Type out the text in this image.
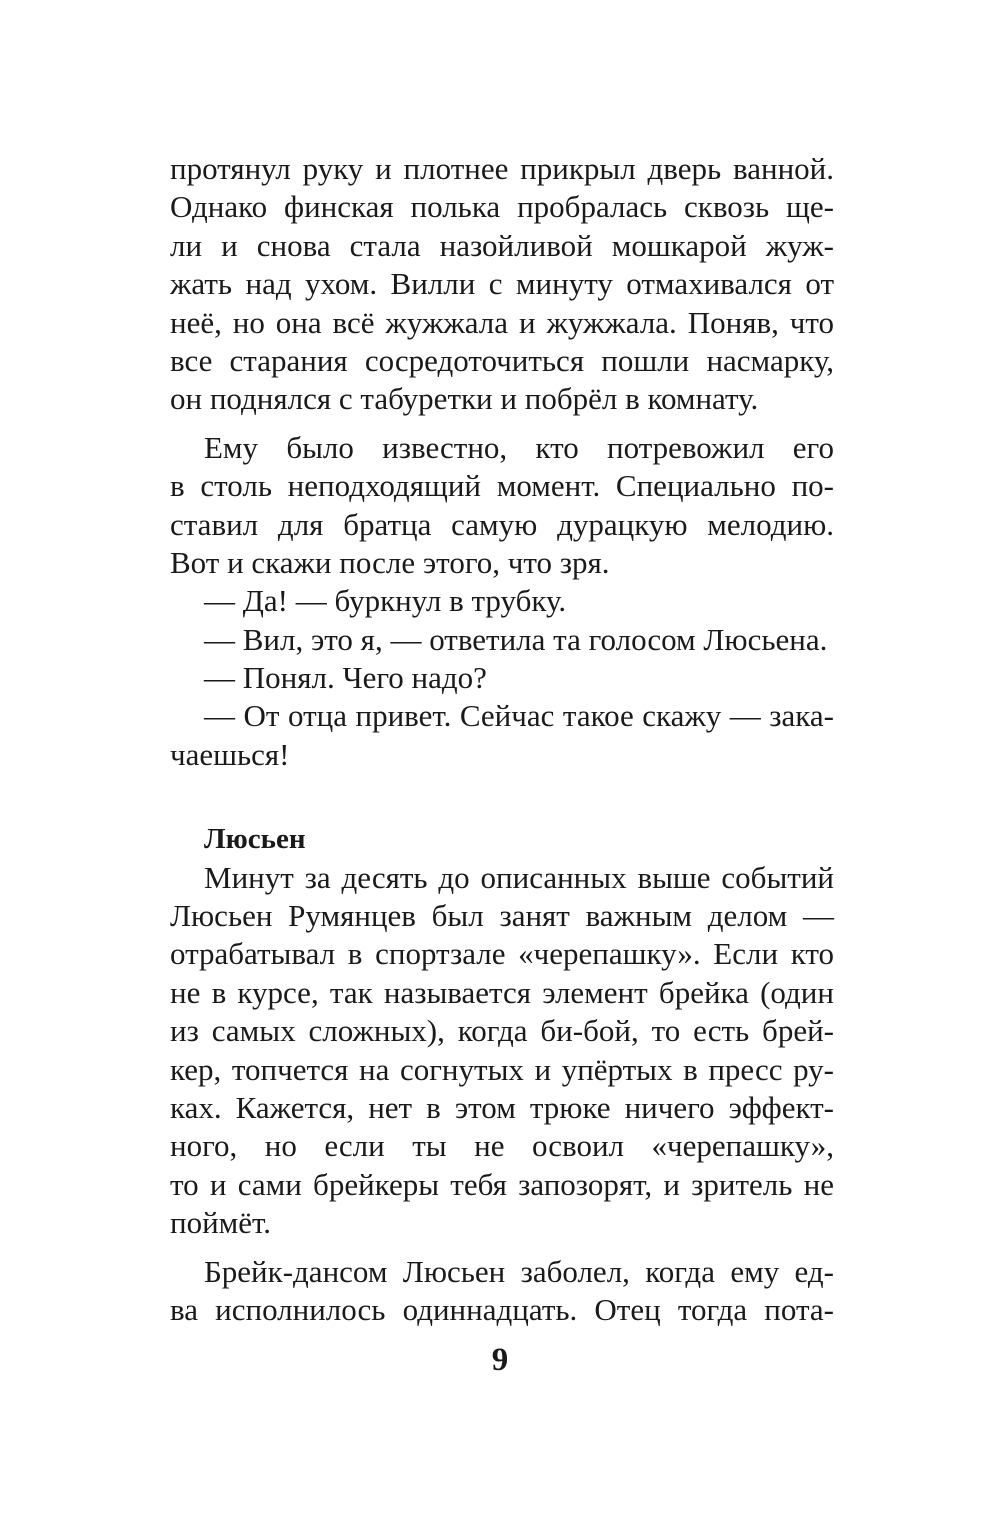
протянул руку и плотнее прикрыл дверь ванной.
Однако финская полька пробралась сквозь ще-
ли и снова стала назойливой мошкарой жуж-
жать над ухом. Вилли с минуту отмахивался от
неё, но она всё жужжала и жужжала. Поняв, что
все старания сосредоточиться пошли насмарку,
он поднялся с табуретки и побрёл в комнату.
Ему было известно, кто потревожил его
в столь неподходящий момент. Специально по-
ставил для братца самую дурацкую мелодию.
Вот и скажи после этого, что зря.
— Да! — буркнул в трубку.
— Вил, это я, — ответила та голосом Люсьена.
— Понял. Чего надо?
— От отца привет. Сейчас такое скажу — зака-
чаешься!
Люсьен
Минут за десять до описанных выше событий
Люсьен Румянцев был занят важным делом —
отрабатывал в спортзале «черепашку». Если кто
не в курсе, так называется элемент брейка (один
из самых сложных), когда би-бой, то есть брей-
кер, топчется на согнутых и упёртых в пресс ру-
ках. Кажется, нет в этом трюке ничего эффект-
ного, но если ты не освоил «черепашку»,
то и сами брейкеры тебя запозорят, и зритель не
поймёт.
Брейк-дансом Люсьен заболел, когда ему ед-
ва исполнилось одиннадцать. Отец тогда пота-
9
